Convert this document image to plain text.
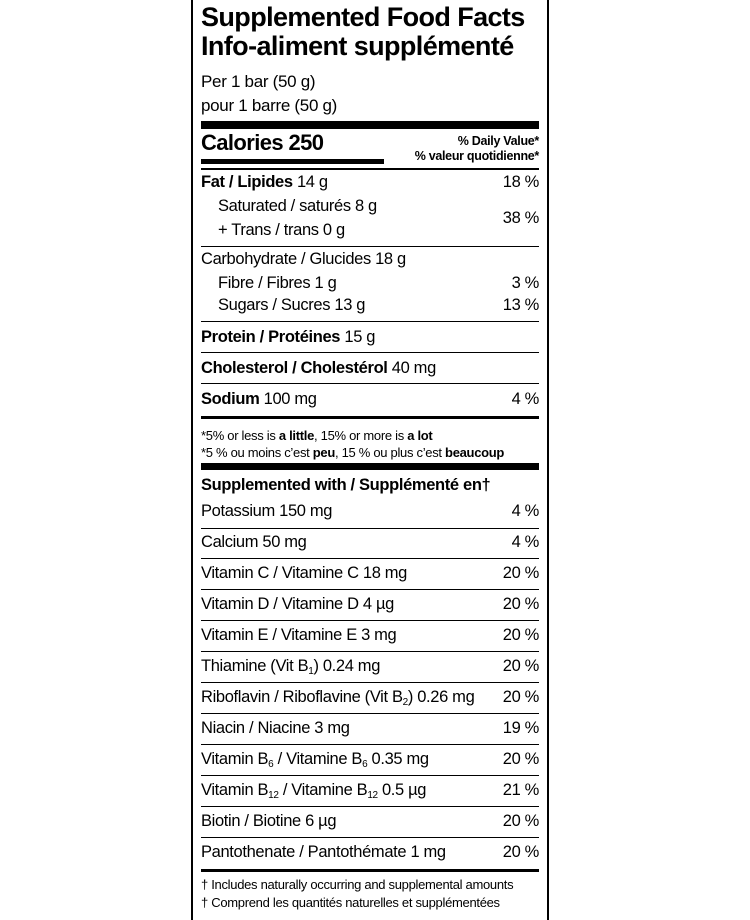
Supplemented Food Facts
Info-aliment supplémenté
Per 1 bar (50 g)
pour 1 barre (50 g)
Calories 250	% Daily Value*
% valeur quotidienne*
Fat / Lipides 14 g	18 %
Saturated / saturés 8 g
38 %
+ Trans / trans 0 g
Carbohydrate / Glucides 18 g
Fibre / Fibres 1 g	3 %
Sugars / Sucres 13 g	13 %
Protein / Protéines 15 g
Cholesterol / Cholestérol 40 mg
Sodium 100 mg	4 %
*5% or less is a little, 15% or more is a lot
*5 % ou moins c’est peu, 15 % ou plus c’est beaucoup
Supplemented with / Supplémenté en†
Potassium 150 mg	4 %
Calcium 50 mg	4 %
Vitamin C / Vitamine C 18 mg	20 %
Vitamin D / Vitamine D 4 µg	20 %
Vitamin E / Vitamine E 3 mg	20 %
Thiamine (Vit $B_1$) 0.24 mg	20 %
Riboflavin / Riboflavine (Vit $B_2$) 0.26 mg 20 %
Niacin / Niacine 3 mg	19 %
Vitamin $B_6$ / Vitamine $B_6$ 0.35 mg	20 %
Vitamin $B_{12}$ / Vitamine $B_{12}$ 0.5 µg	21 %
Biotin / Biotine 6 µg	20 %
Pantothenate / Pantothémate 1 mg	20 %
† Includes naturally occurring and supplemental amounts
† Comprend les quantités naturelles et supplémentées
